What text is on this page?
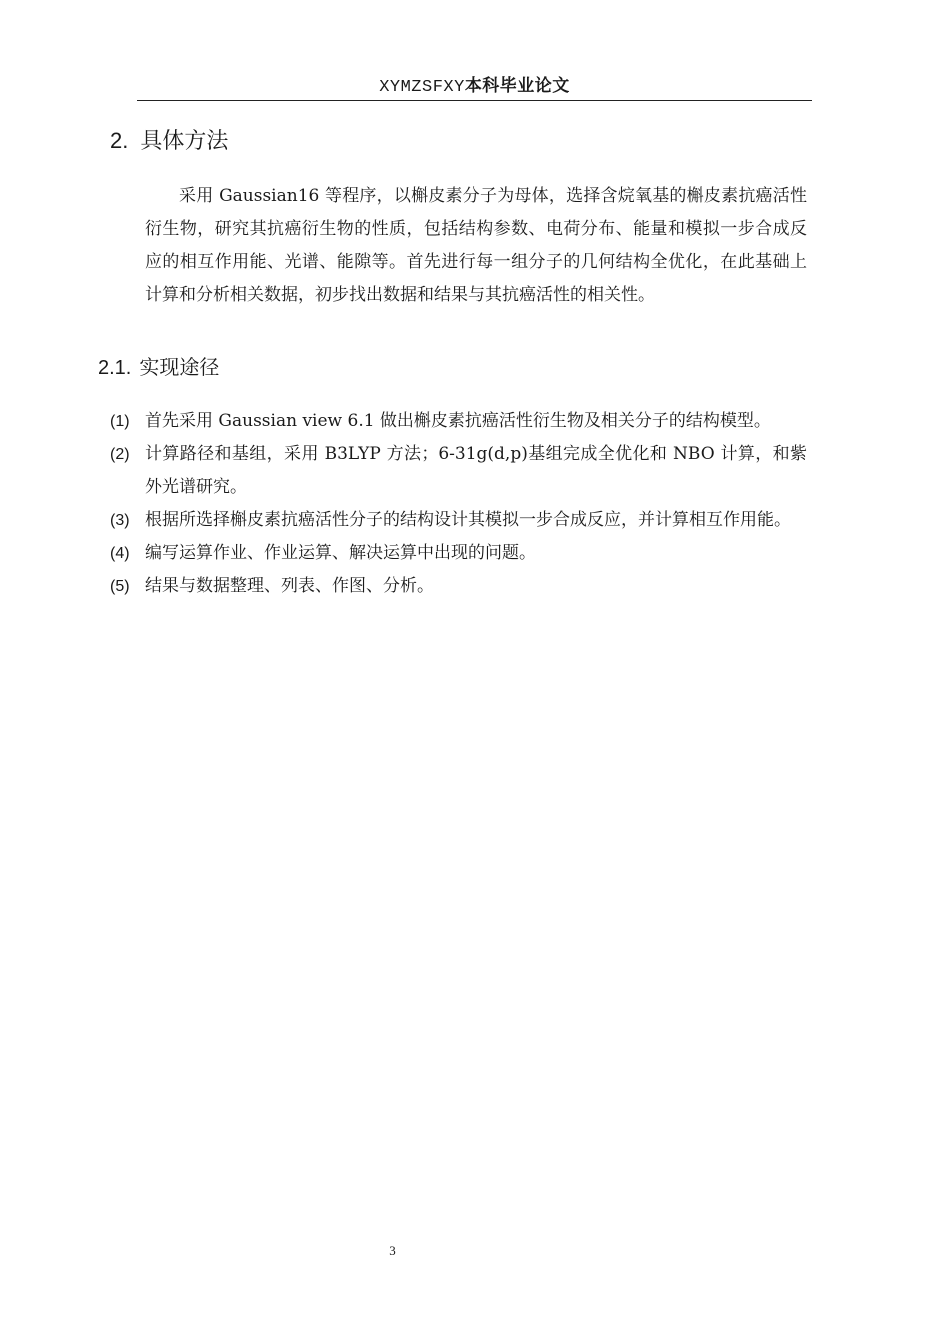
XYMZSFXY本科毕业论文
2. 具体方法

采用 Gaussian16 等程序，以槲皮素分子为母体，选择含烷氧基的槲皮素抗癌活性衍生物，研究其抗癌衍生物的性质，包括结构参数、电荷分布、能量和模拟一步合成反应的相互作用能、光谱、能隙等。首先进行每一组分子的几何结构全优化，在此基础上计算和分析相关数据，初步找出数据和结果与其抗癌活性的相关性。

2.1. 实现途径
(1) 首先采用 Gaussian view 6.1 做出槲皮素抗癌活性衍生物及相关分子的结构模型。
(2) 计算路径和基组，采用 B3LYP 方法；6-31g(d,p)基组完成全优化和 NBO 计算，和紫外光谱研究。
(3) 根据所选择槲皮素抗癌活性分子的结构设计其模拟一步合成反应，并计算相互作用能。
(4) 编写运算作业、作业运算、解决运算中出现的问题。
(5) 结果与数据整理、列表、作图、分析。
3
